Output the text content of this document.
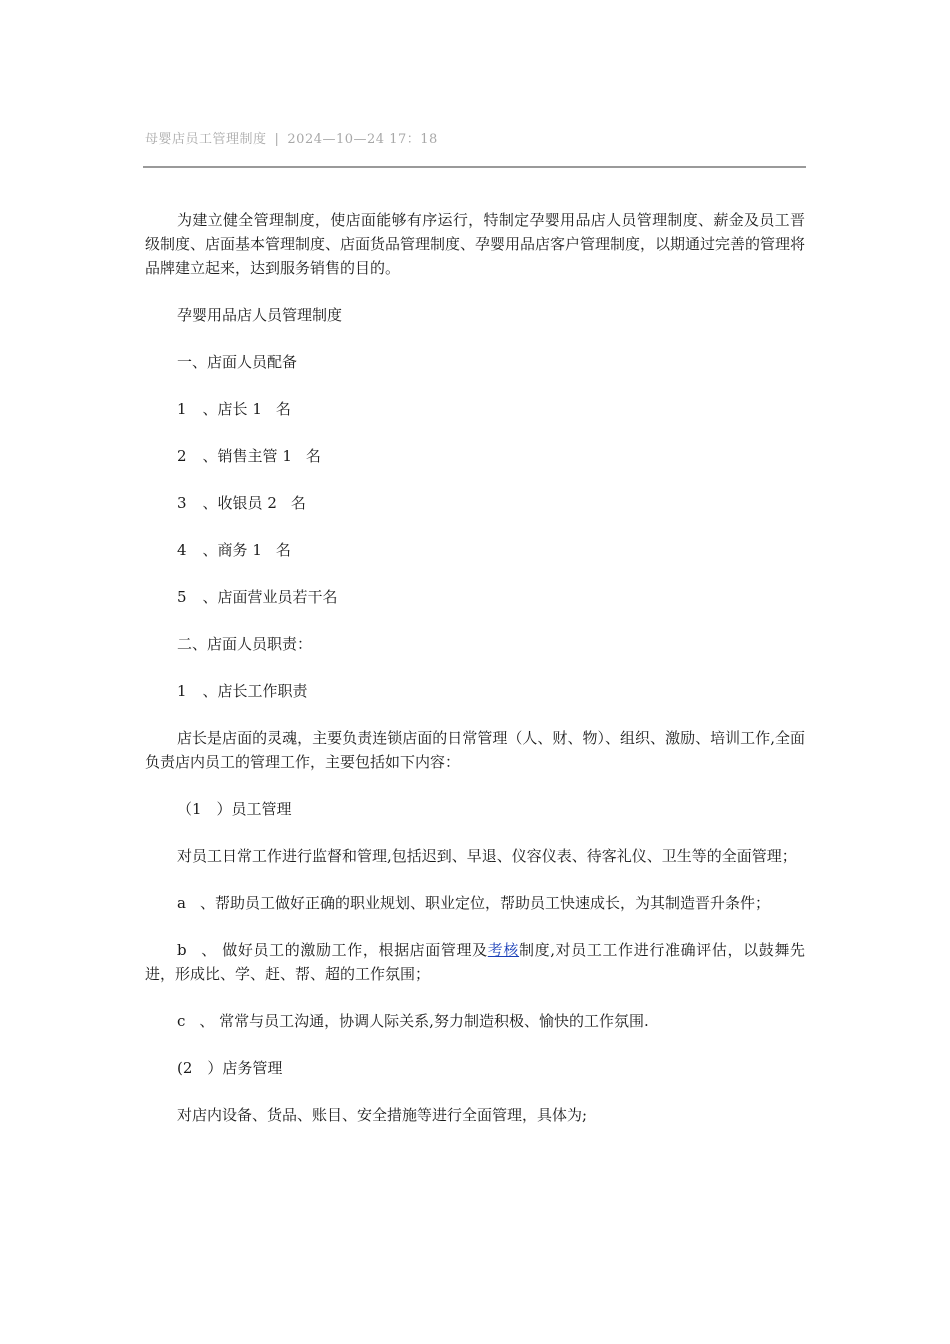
母婴店员工管理制度 | 2024—10—24 17：18

为建立健全管理制度，使店面能够有序运行，特制定孕婴用品店人员管理制度、薪金及员工晋级制度、店面基本管理制度、店面货品管理制度、孕婴用品店客户管理制度，以期通过完善的管理将品牌建立起来，达到服务销售的目的。

孕婴用品店人员管理制度

一、店面人员配备

1 、店长 1 名

2 、销售主管 1 名

3 、收银员 2 名

4 、商务 1 名

5 、店面营业员若干名

二、店面人员职责：

1 、店长工作职责

店长是店面的灵魂，主要负责连锁店面的日常管理（人、财、物）、组织、激励、培训工作,全面负责店内员工的管理工作，主要包括如下内容：

（1　）员工管理

对员工日常工作进行监督和管理,包括迟到、早退、仪容仪表、待客礼仪、卫生等的全面管理；

a 、帮助员工做好正确的职业规划、职业定位，帮助员工快速成长，为其制造晋升条件；

b 、 做好员工的激励工作，根据店面管理及考核制度,对员工工作进行准确评估，以鼓舞先进，形成比、学、赶、帮、超的工作氛围；

c 、 常常与员工沟通，协调人际关系,努力制造积极、愉快的工作氛围.

(2　）店务管理

对店内设备、货品、账目、安全措施等进行全面管理，具体为;
